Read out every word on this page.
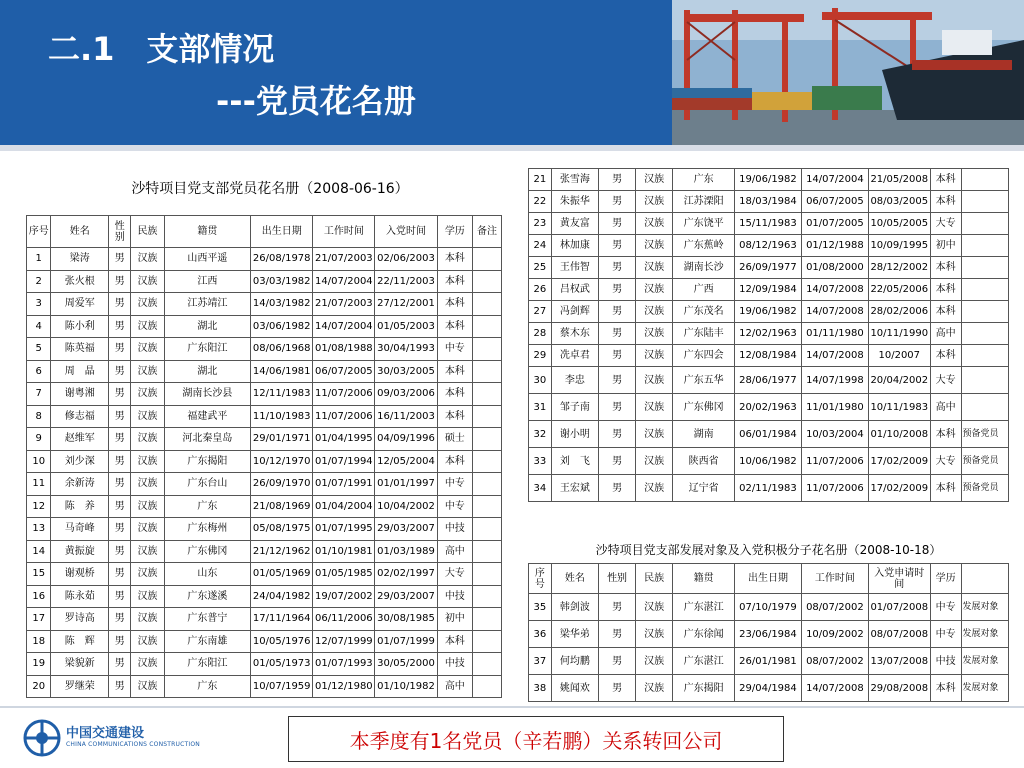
二.1　支部情况
---党员花名册
沙特项目党支部党员花名册（2008-06-16）
序号	姓名	性别	民族	籍贯	出生日期	工作时间	入党时间	学历	备注
1	梁涛	男	汉族	山西平遥	26/08/1978	21/07/2003	02/06/2003	本科	
2	张火根	男	汉族	江西	03/03/1982	14/07/2004	22/11/2003	本科	
3	周爱军	男	汉族	江苏靖江	14/03/1982	21/07/2003	27/12/2001	本科	
4	陈小利	男	汉族	湖北	03/06/1982	14/07/2004	01/05/2003	本科	
5	陈英福	男	汉族	广东阳江	08/06/1968	01/08/1988	30/04/1993	中专	
6	周　晶	男	汉族	湖北	14/06/1981	06/07/2005	30/03/2005	本科	
7	谢粤湘	男	汉族	湖南长沙县	12/11/1983	11/07/2006	09/03/2006	本科	
8	修志福	男	汉族	福建武平	11/10/1983	11/07/2006	16/11/2003	本科	
9	赵维军	男	汉族	河北秦皇岛	29/01/1971	01/04/1995	04/09/1996	硕士	
10	刘少深	男	汉族	广东揭阳	10/12/1970	01/07/1994	12/05/2004	本科	
11	余新涛	男	汉族	广东台山	26/09/1970	01/07/1991	01/01/1997	中专	
12	陈　养	男	汉族	广东	21/08/1969	01/04/2004	10/04/2002	中专	
13	马奇峰	男	汉族	广东梅州	05/08/1975	01/07/1995	29/03/2007	中技	
14	黄振旋	男	汉族	广东佛冈	21/12/1962	01/10/1981	01/03/1989	高中	
15	谢观桥	男	汉族	山东	01/05/1969	01/05/1985	02/02/1997	大专	
16	陈永茹	男	汉族	广东遂溪	24/04/1982	19/07/2002	29/03/2007	中技	
17	罗诗高	男	汉族	广东普宁	17/11/1964	06/11/2006	30/08/1985	初中	
18	陈　辉	男	汉族	广东南雄	10/05/1976	12/07/1999	01/07/1999	本科	
19	梁貌新	男	汉族	广东阳江	01/05/1973	01/07/1993	30/05/2000	中技	
20	罗继荣	男	汉族	广东	10/07/1959	01/12/1980	01/10/1982	高中	
21	张雪海	男	汉族	广东	19/06/1982	14/07/2004	21/05/2008	本科	
22	朱振华	男	汉族	江苏溧阳	18/03/1984	06/07/2005	08/03/2005	本科	
23	黄友富	男	汉族	广东饶平	15/11/1983	01/07/2005	10/05/2005	大专	
24	林加康	男	汉族	广东蕉岭	08/12/1963	01/12/1988	10/09/1995	初中	
25	王伟智	男	汉族	湖南长沙	26/09/1977	01/08/2000	28/12/2002	本科	
26	吕权武	男	汉族	广西	12/09/1984	14/07/2008	22/05/2006	本科	
27	冯剑辉	男	汉族	广东茂名	19/06/1982	14/07/2008	28/02/2006	本科	
28	蔡木东	男	汉族	广东陆丰	12/02/1963	01/11/1980	10/11/1990	高中	
29	冼卓君	男	汉族	广东四会	12/08/1984	14/07/2008	10/2007	本科	
30	李忠	男	汉族	广东五华	28/06/1977	14/07/1998	20/04/2002	大专	
31	邹子南	男	汉族	广东佛冈	20/02/1963	11/01/1980	10/11/1983	高中	
32	谢小明	男	汉族	湖南	06/01/1984	10/03/2004	01/10/2008	本科	预备党员
33	刘　飞	男	汉族	陕西省	10/06/1982	11/07/2006	17/02/2009	大专	预备党员
34	王宏斌	男	汉族	辽宁省	02/11/1983	11/07/2006	17/02/2009	本科	预备党员
沙特项目党支部发展对象及入党积极分子花名册（2008-10-18）
序号	姓名	性别	民族	籍贯	出生日期	工作时间	入党申请时间	学历	
35	韩剑波	男	汉族	广东湛江	07/10/1979	08/07/2002	01/07/2008	中专	发展对象
36	梁华弟	男	汉族	广东徐闻	23/06/1984	10/09/2002	08/07/2008	中专	发展对象
37	何均鹏	男	汉族	广东湛江	26/01/1981	08/07/2002	13/07/2008	中技	发展对象
38	姚闻欢	男	汉族	广东揭阳	29/04/1984	14/07/2008	29/08/2008	本科	发展对象
中国交通建设
CHINA COMMUNICATIONS CONSTRUCTION	本季度有1名党员（辛若鹏）关系转回公司
